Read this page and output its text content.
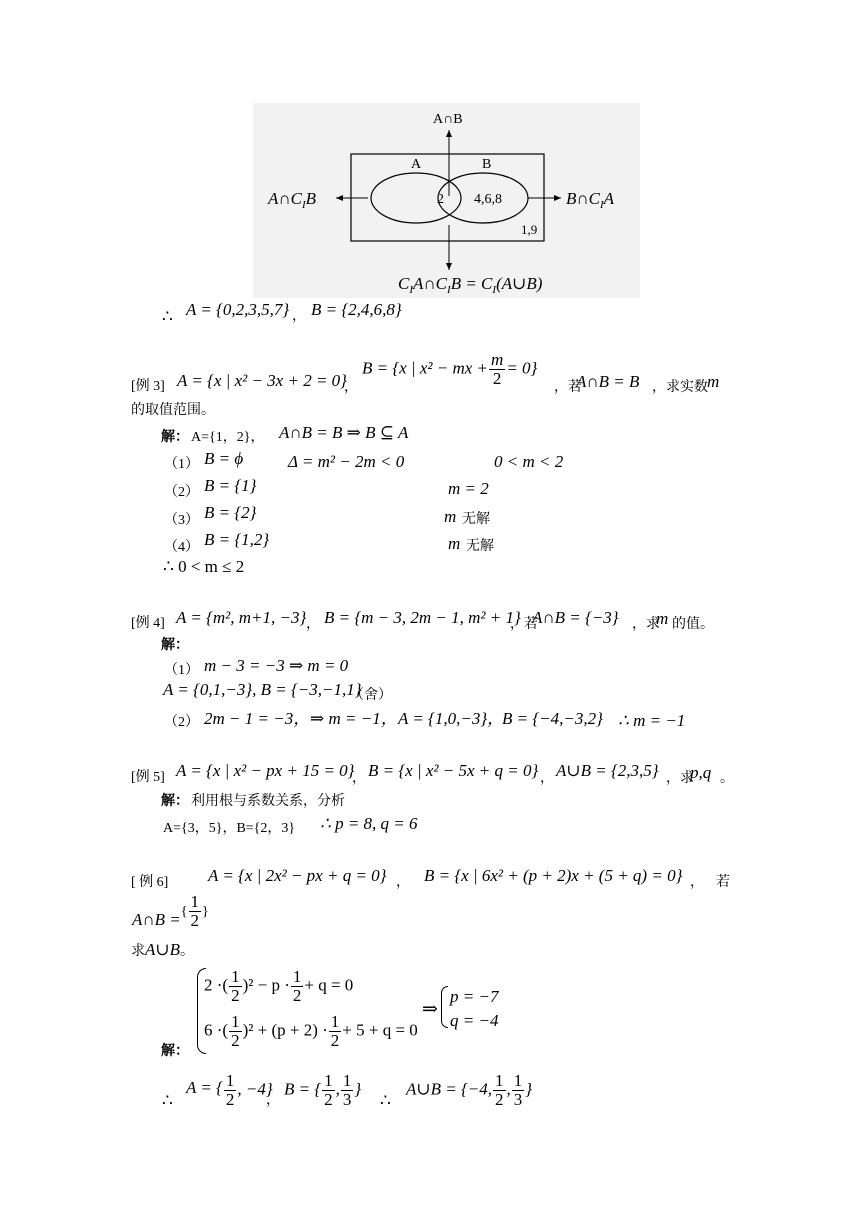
A∩B
A	B
2 4,6,8
1,9
$A\cap C_IB$	$B\cap C_IA$
$C_IA\cap C_IB$ = $C_I(A\cup B)$
∴ A = {0,2,3,5,7} ， B = {2,4,6,8}
[例 3] A = {x | x² − 3x + 2 = 0}
，
B = {x | x² − mx + $\frac{m}{2} = 0$}
，若
A∩B = B ，求实数 m
的取值范围。
解： A={1，2}， A∩B = B ⇒ B ⊆ A
（1） B = ϕ	Δ = m² − 2m < 0	0 < m < 2
（2） B = {1}	m = 2
（3） B = {2}	m 无解
（4） B = {1,2}	m 无解
∴ 0 < m ≤ 2
[例 4] A = {m², m+1, −3} ， B = {m − 3, 2m − 1, m² + 1}
，若
A∩B = {−3} ，求
m 的值。
解：
（1） m − 3 = −3 ⇒ m = 0
A = {0,1,−3}, B = {−3,−1,1}
（舍）
（2） 2m − 1 = −3， ⇒ m = −1， A = {1,0,−3}，
B = {−4,−3,2} ∴ m = −1
[例 5] A = {x | x² − px + 15 = 0}
， B = {x | x² − 5x + q = 0} ， A∪B = {2,3,5} ，求
p,q 。
解： 利用根与系数关系，分析
A={3，5}，B={2，3} ∴ p = 8, q = 6
[ 例 6] A = {x | 2x² − px + q = 0} ， B = {x | 6x² + (p + 2)x + (5 + q) = 0} ， 若
A∩B ={ $\frac{1}{2}$ }
求A∪B。
2 ·( $\frac{1}{2} )^2 - p \cdot \frac{1}{2} + q = 0$
6 ·( $\frac{1}{2} )^2 + (p + 2) \cdot \frac{1}{2} + 5 + q = 0$
⇒
p = −7
q = −4
解：
∴
A = { $\frac{1}{2}$ , −4}
，
B = { $\frac{1}{2}$ , $\frac{1}{3}$ }
∴
A∪B = {−4, $\frac{1}{2}$ , $\frac{1}{3}$ }
